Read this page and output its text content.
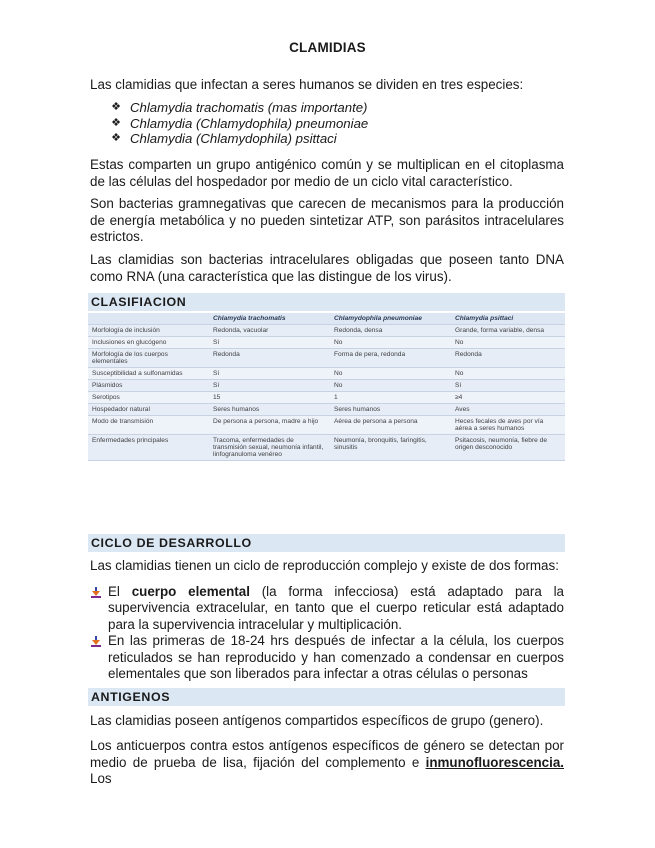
CLAMIDIAS
Las clamidias que infectan a seres humanos se dividen en tres especies:
❖ Chlamydia trachomatis (mas importante)
❖ Chlamydia (Chlamydophila) pneumoniae
❖ Chlamydia (Chlamydophila) psittaci
Estas comparten un grupo antigénico común y se multiplican en el citoplasma de las células del hospedador por medio de un ciclo vital característico.
Son bacterias gramnegativas que carecen de mecanismos para la producción de energía metabólica y no pueden sintetizar ATP, son parásitos intracelulares estrictos.
Las clamidias son bacterias intracelulares obligadas que poseen tanto DNA como RNA (una característica que las distingue de los virus).
CLASIFIACION
	Chlamydia trachomatis	Chlamydophila pneumoniae	Chlamydia psittaci
Morfología de inclusión	Redonda, vacuolar	Redonda, densa	Grande, forma variable, densa
Inclusiones en glucógeno	Sí	No	No
Morfología de los cuerpos elementales	Redonda	Forma de pera, redonda	Redonda
Susceptibilidad a sulfonamidas	Sí	No	No
Plásmidos	Sí	No	Sí
Serotipos	15	1	≥4
Hospedador natural	Seres humanos	Seres humanos	Aves
Modo de transmisión	De persona a persona, madre a hijo	Aérea de persona a persona	Heces fecales de aves por vía aérea a seres humanos
Enfermedades principales	Tracoma, enfermedades de transmisión sexual, neumonía infantil, linfogranuloma venéreo	Neumonía, bronquitis, faringitis, sinusitis	Psitacosis, neumonía, fiebre de origen desconocido
CICLO DE DESARROLLO
Las clamidias tienen un ciclo de reproducción complejo y existe de dos formas:
El cuerpo elemental (la forma infecciosa) está adaptado para la supervivencia extracelular, en tanto que el cuerpo reticular está adaptado para la supervivencia intracelular y multiplicación.
En las primeras de 18-24 hrs después de infectar a la célula, los cuerpos reticulados se han reproducido y han comenzado a condensar en cuerpos elementales que son liberados para infectar a otras células o personas
ANTIGENOS
Las clamidias poseen antígenos compartidos específicos de grupo (genero).
Los anticuerpos contra estos antígenos específicos de género se detectan por medio de prueba de lisa, fijación del complemento e inmunofluorescencia. Los
